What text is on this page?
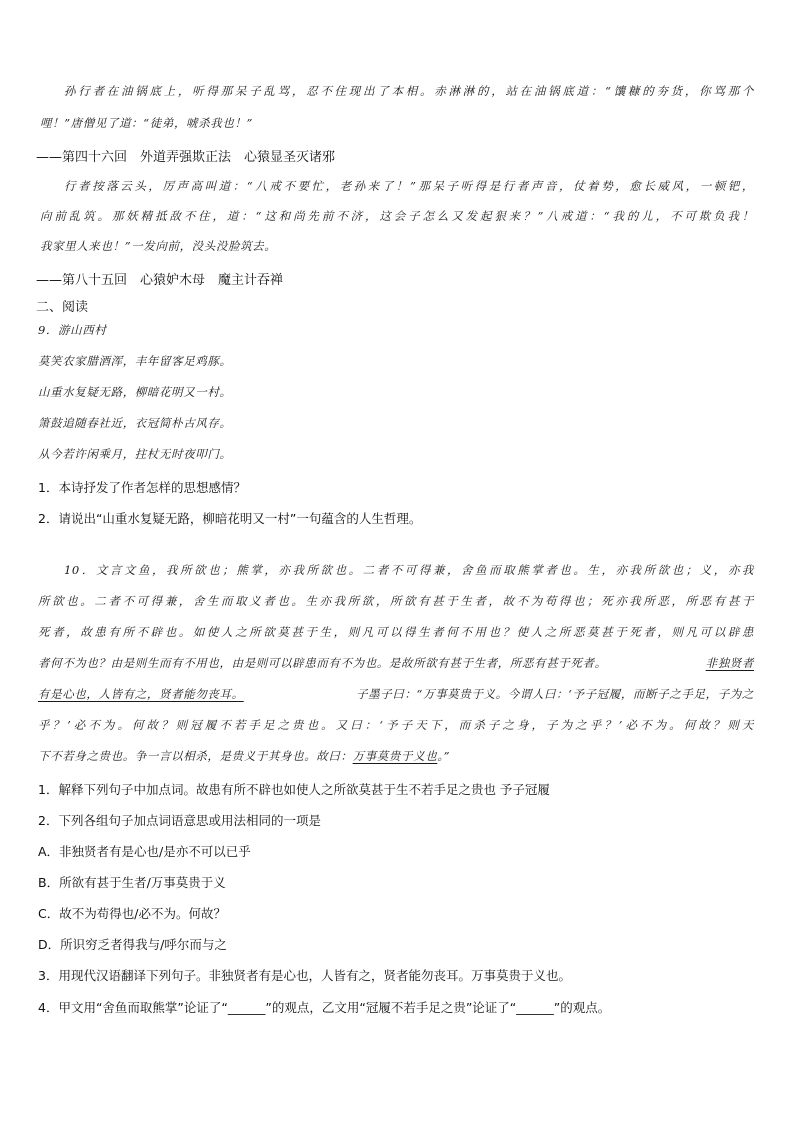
孙行者在油锅底上，听得那呆子乱骂，忍不住现出了本相。赤淋淋的，站在油锅底道：“馕糠的夯货，你骂那个
哩！”唐僧见了道：“徒弟，唬杀我也！”
——第四十六回　外道弄强欺正法　心猿显圣灭诸邪
行者按落云头，厉声高叫道：“八戒不要忙，老孙来了！”那呆子听得是行者声音，仗着势，愈长威风，一顿钯，
向前乱筑。那妖精抵敌不住，道：“这和尚先前不济，这会子怎么又发起狠来？”八戒道：“我的儿，不可欺负我！
我家里人来也！”一发向前，没头没脸筑去。
——第八十五回　心猿妒木母　魔主计吞禅
二、阅读
9．游山西村
莫笑农家腊酒浑，丰年留客足鸡豚。
山重水复疑无路，柳暗花明又一村。
箫鼓追随春社近，衣冠简朴古风存。
从今若许闲乘月，拄杖无时夜叩门。
1．本诗抒发了作者怎样的思想感情？
2．请说出“山重水复疑无路，柳暗花明又一村”一句蕴含的人生哲理。
10．文言文鱼，我所欲也；熊掌，亦我所欲也。二者不可得兼，舍鱼而取熊掌者也。生，亦我所欲也；义，亦我
所欲也。二者不可得兼，舍生而取义者也。生亦我所欲，所欲有甚于生者，故不为苟得也；死亦我所恶，所恶有甚于
死者，故患有所不辟也。如使人之所欲莫甚于生，则凡可以得生者何不用也？使人之所恶莫甚于死者，则凡可以辟患
者何不为也？由是则生而有不用也，由是则可以辟患而有不为也。是故所欲有甚于生者，所恶有甚于死者。	非独贤者
有是心也，人皆有之，贤者能勿丧耳。	子墨子曰：“万事莫贵于义。今谓人曰：‘予子冠履，而断子之手足，子为之
乎？’必不为。何故？则冠履不若手足之贵也。又曰：‘予子天下，而杀子之身，子为之乎？’必不为。何故？则天
下不若身之贵也。争一言以相杀，是贵义于其身也。故曰：万事莫贵于义也。”
1．解释下列句子中加点词。故患有所不辟也如使人之所欲莫甚于生不若手足之贵也 予子冠履
2．下列各组句子加点词语意思或用法相同的一项是
A．非独贤者有是心也/是亦不可以已乎
B．所欲有甚于生者/万事莫贵于义
C．故不为苟得也/必不为。何故？
D．所识穷乏者得我与/呼尔而与之
3．用现代汉语翻译下列句子。非独贤者有是心也，人皆有之，贤者能勿丧耳。万事莫贵于义也。
4．甲文用“舍鱼而取熊掌”论证了“______”的观点，乙文用“冠履不若手足之贵”论证了“______”的观点。
